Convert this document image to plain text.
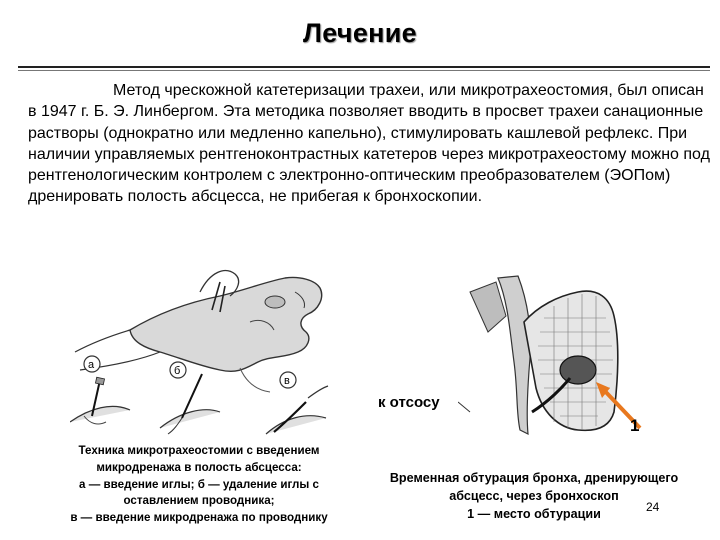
Лечение
Метод чрескожной катетеризации трахеи, или микротрахеостомия, был описан в 1947 г. Б. Э. Линбергом. Эта методика позволяет вводить в просвет трахеи санационные растворы (однократно или медленно капельно), стимулировать кашлевой рефлекс. При наличии управляемых рентгеноконтрастных катетеров через микротрахеостому можно под рентгенологическим контролем с электронно-оптическим преобразователем (ЭОПом) дренировать полость абсцесса, не прибегая к бронхоскопии.
а	б
в
к отсосу
1
Техника микротрахеостомии с введением
микродренажа в полость абсцесса:
а — введение иглы; б — удаление иглы с
оставлением проводника;
в — введение микродренажа по проводнику
Временная обтурация бронха, дренирующего
абсцесс, через бронхоскоп
1 — место обтурации	24
